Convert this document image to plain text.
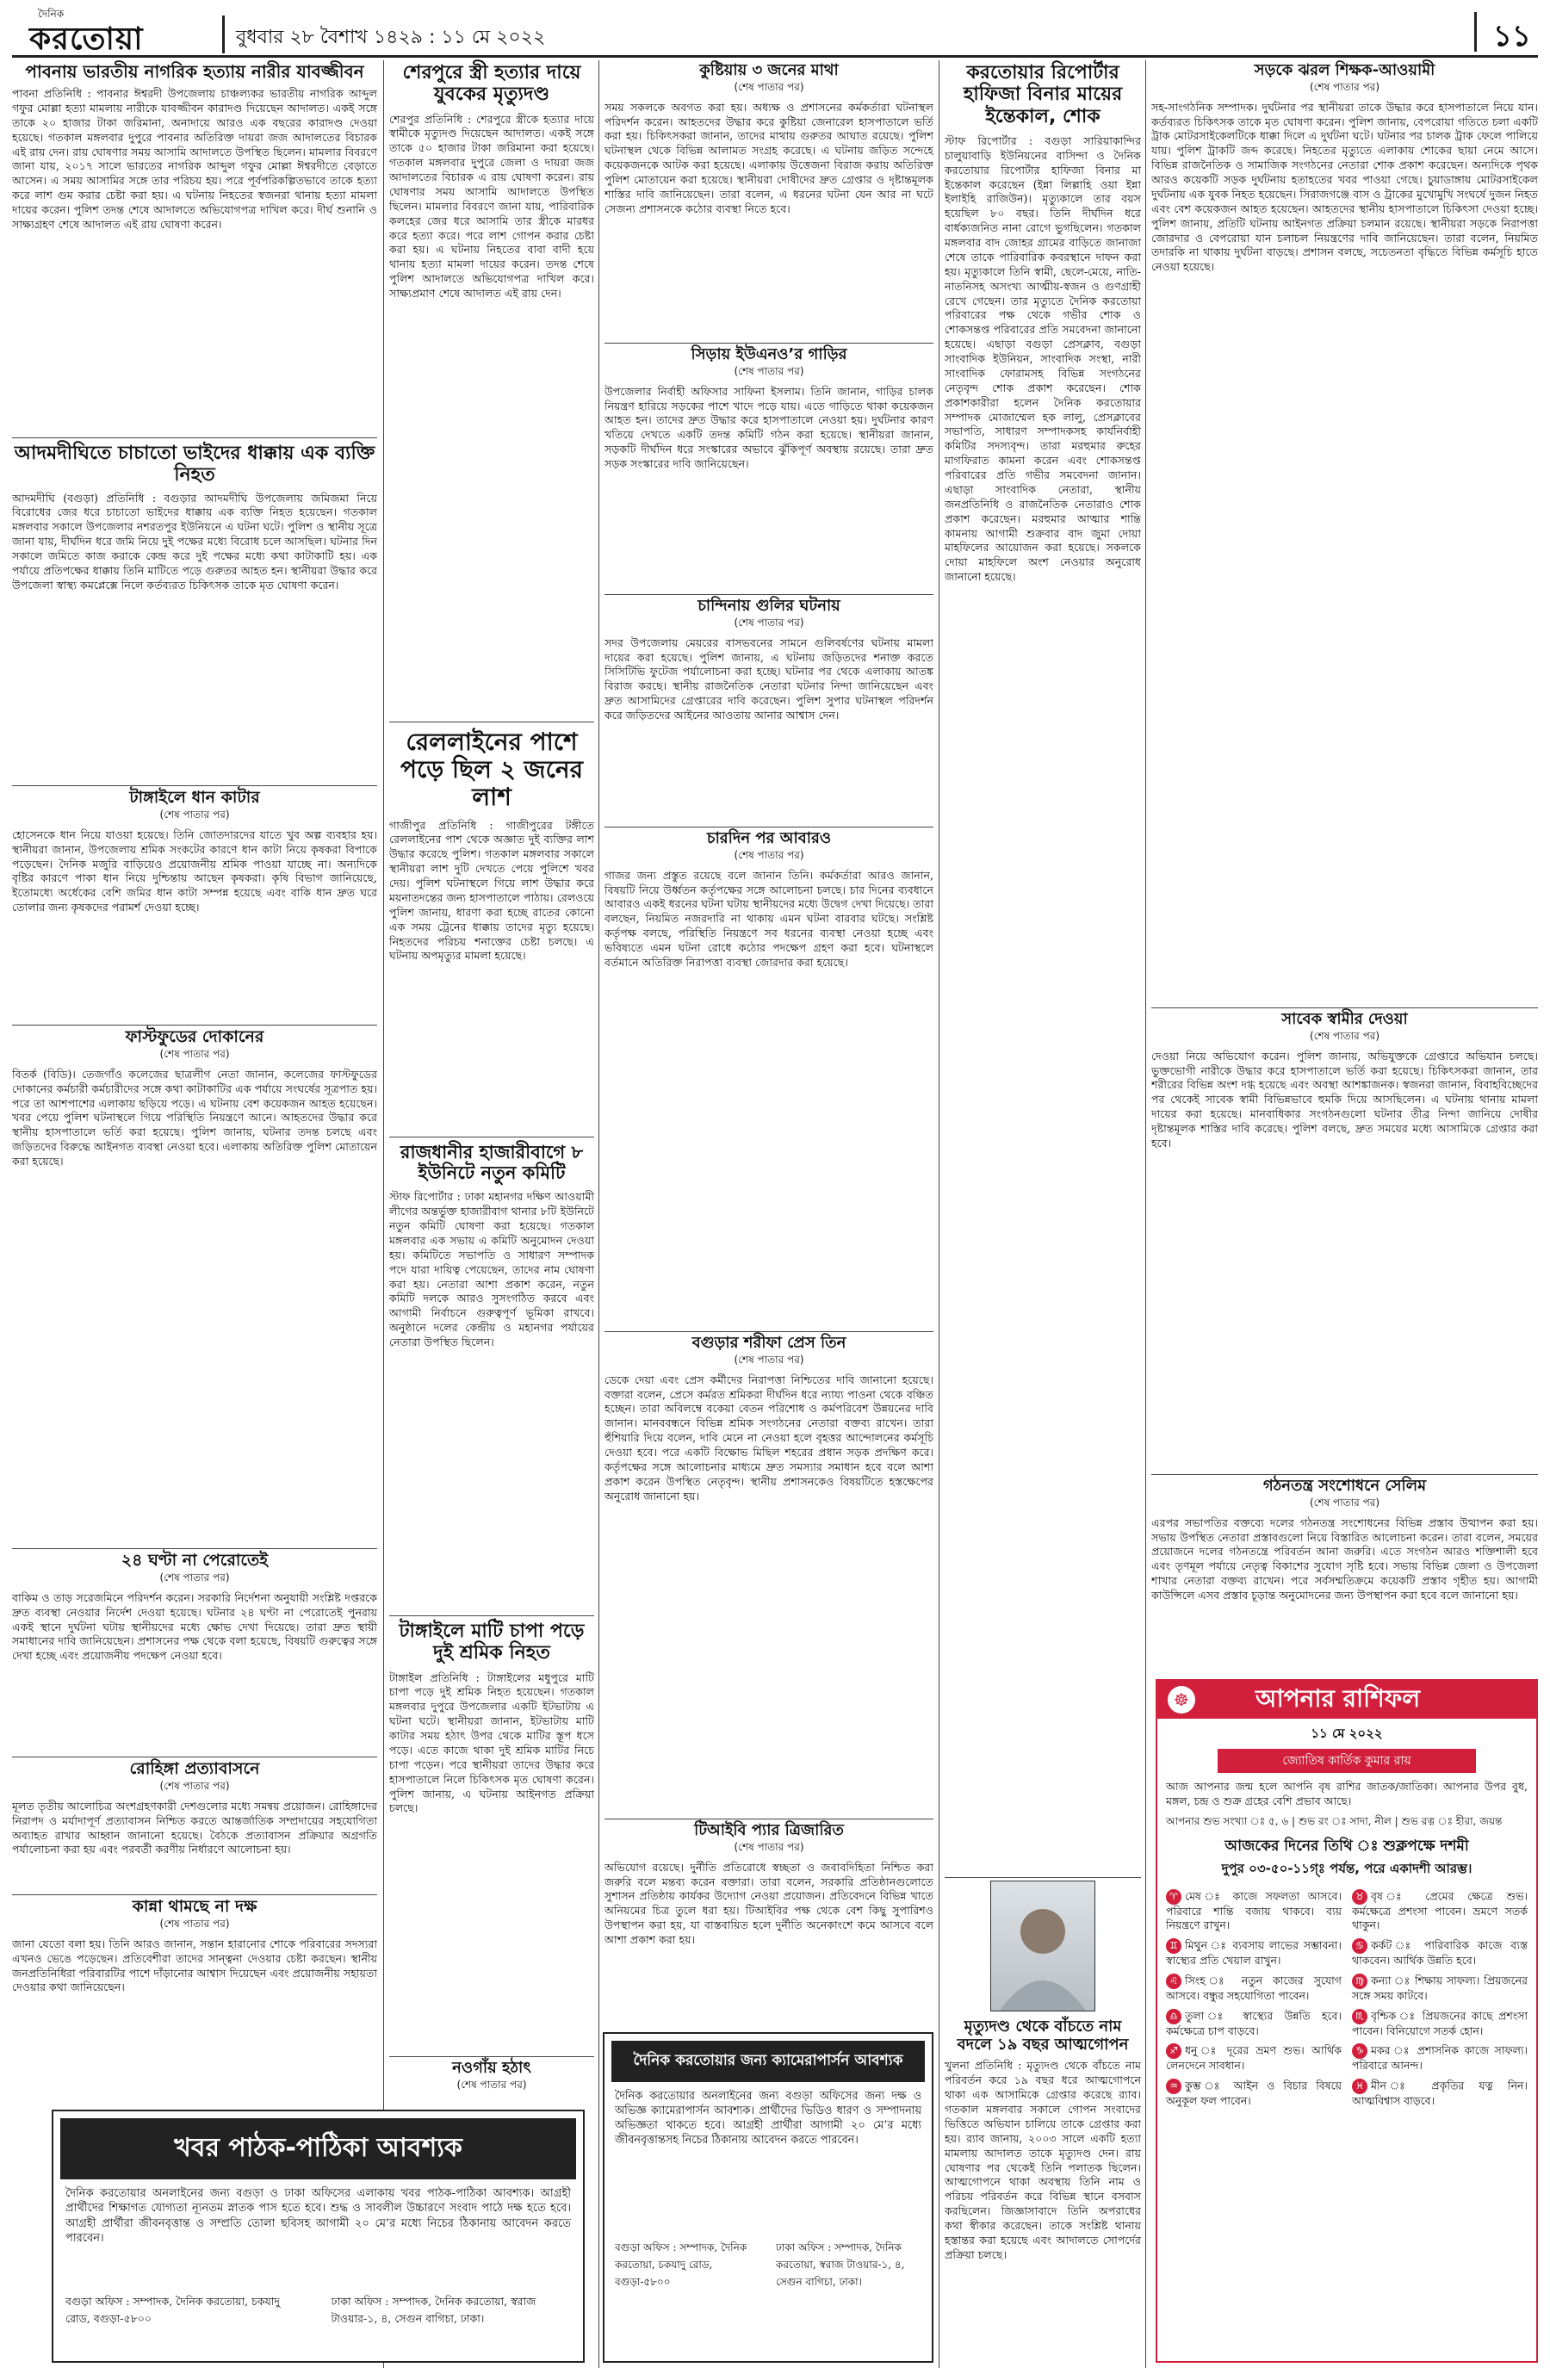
দৈনিক
করতোয়া	বুধবার ২৮ বৈশাখ ১৪২৯ : ১১ মে ২০২২	১১
পাবনায় ভারতীয় নাগরিক হত্যায় নারীর যাবজ্জীবন
পাবনা প্রতিনিধি : পাবনার ঈশ্বরদী উপজেলায় চাঞ্চল্যকর ভারতীয় নাগরিক আব্দুল গফুর মোল্লা হত্যা মামলায় নারীকে যাবজ্জীবন কারাদণ্ড দিয়েছেন আদালত। একই সঙ্গে তাকে ২০ হাজার টাকা জরিমানা, অনাদায়ে আরও এক বছরের কারাদণ্ড দেওয়া হয়েছে। গতকাল মঙ্গলবার দুপুরে পাবনার অতিরিক্ত দায়রা জজ আদালতের বিচারক এই রায় দেন। রায় ঘোষণার সময় আসামি আদালতে উপস্থিত ছিলেন। মামলার বিবরণে জানা যায়, ২০১৭ সালে ভারতের নাগরিক আব্দুল গফুর মোল্লা ঈশ্বরদীতে বেড়াতে আসেন। এ সময় আসামির সঙ্গে তার পরিচয় হয়। পরে পূর্বপরিকল্পিতভাবে তাকে হত্যা করে লাশ গুম করার চেষ্টা করা হয়। এ ঘটনায় নিহতের স্বজনরা থানায় হত্যা মামলা দায়ের করেন। পুলিশ তদন্ত শেষে আদালতে অভিযোগপত্র দাখিল করে। দীর্ঘ শুনানি ও সাক্ষ্যগ্রহণ শেষে আদালত এই রায় ঘোষণা করেন।
আদমদীঘিতে চাচাতো ভাইদের ধাক্কায় এক ব্যক্তি নিহত
আদমদীঘি (বগুড়া) প্রতিনিধি : বগুড়ার আদমদীঘি উপজেলায় জমিজমা নিয়ে বিরোধের জের ধরে চাচাতো ভাইদের ধাক্কায় এক ব্যক্তি নিহত হয়েছেন। গতকাল মঙ্গলবার সকালে উপজেলার নশরতপুর ইউনিয়নে এ ঘটনা ঘটে। পুলিশ ও স্থানীয় সূত্রে জানা যায়, দীর্ঘদিন ধরে জমি নিয়ে দুই পক্ষের মধ্যে বিরোধ চলে আসছিল। ঘটনার দিন সকালে জমিতে কাজ করাকে কেন্দ্র করে দুই পক্ষের মধ্যে কথা কাটাকাটি হয়। এক পর্যায়ে প্রতিপক্ষের ধাক্কায় তিনি মাটিতে পড়ে গুরুতর আহত হন। স্থানীয়রা উদ্ধার করে উপজেলা স্বাস্থ্য কমপ্লেক্সে নিলে কর্তব্যরত চিকিৎসক তাকে মৃত ঘোষণা করেন।
টাঙ্গাইলে ধান কাটার
(শেষ পাতার পর)
হোসেনকে ধান নিয়ে যাওয়া হয়েছে। তিনি জোতদারদের যাতে খুব অল্প ব্যবহার হয়। স্থানীয়রা জানান, উপজেলায় শ্রমিক সংকটের কারণে ধান কাটা নিয়ে কৃষকরা বিপাকে পড়েছেন। দৈনিক মজুরি বাড়িয়েও প্রয়োজনীয় শ্রমিক পাওয়া যাচ্ছে না। অন্যদিকে বৃষ্টির কারণে পাকা ধান নিয়ে দুশ্চিন্তায় আছেন কৃষকরা। কৃষি বিভাগ জানিয়েছে, ইতোমধ্যে অর্ধেকের বেশি জমির ধান কাটা সম্পন্ন হয়েছে এবং বাকি ধান দ্রুত ঘরে তোলার জন্য কৃষকদের পরামর্শ দেওয়া হচ্ছে।
ফাস্টফুডের দোকানের
(শেষ পাতার পর)
বিতর্ক (বিডি)। তেজগাঁও কলেজের ছাত্রলীগ নেতা জানান, কলেজের ফাস্টফুডের দোকানের কর্মচারী কর্মচারীদের সঙ্গে কথা কাটাকাটির এক পর্যায়ে সংঘর্ষের সূত্রপাত হয়। পরে তা আশপাশের এলাকায় ছড়িয়ে পড়ে। এ ঘটনায় বেশ কয়েকজন আহত হয়েছেন। খবর পেয়ে পুলিশ ঘটনাস্থলে গিয়ে পরিস্থিতি নিয়ন্ত্রণে আনে। আহতদের উদ্ধার করে স্থানীয় হাসপাতালে ভর্তি করা হয়েছে। পুলিশ জানায়, ঘটনার তদন্ত চলছে এবং জড়িতদের বিরুদ্ধে আইনগত ব্যবস্থা নেওয়া হবে। এলাকায় অতিরিক্ত পুলিশ মোতায়েন করা হয়েছে।
২৪ ঘণ্টা না পেরোতেই
(শেষ পাতার পর)
বাকিম ও তাড় সরেজমিনে পরিদর্শন করেন। সরকারি নির্দেশনা অনুযায়ী সংশ্লিষ্ট দপ্তরকে দ্রুত ব্যবস্থা নেওয়ার নির্দেশ দেওয়া হয়েছে। ঘটনার ২৪ ঘণ্টা না পেরোতেই পুনরায় একই স্থানে দুর্ঘটনা ঘটায় স্থানীয়দের মধ্যে ক্ষোভ দেখা দিয়েছে। তারা দ্রুত স্থায়ী সমাধানের দাবি জানিয়েছেন। প্রশাসনের পক্ষ থেকে বলা হয়েছে, বিষয়টি গুরুত্বের সঙ্গে দেখা হচ্ছে এবং প্রয়োজনীয় পদক্ষেপ নেওয়া হবে।
রোহিঙ্গা প্রত্যাবাসনে
(শেষ পাতার পর)
মূলত তৃতীয় আলোচিত্র অংশগ্রহণকারী দেশগুলোর মধ্যে সমন্বয় প্রয়োজন। রোহিঙ্গাদের নিরাপদ ও মর্যাদাপূর্ণ প্রত্যাবাসন নিশ্চিত করতে আন্তর্জাতিক সম্প্রদায়ের সহযোগিতা অব্যাহত রাখার আহ্বান জানানো হয়েছে। বৈঠকে প্রত্যাবাসন প্রক্রিয়ার অগ্রগতি পর্যালোচনা করা হয় এবং পরবর্তী করণীয় নির্ধারণে আলোচনা হয়।
কান্না থামছে না দক্ষ
(শেষ পাতার পর)
জানা যেতো বলা হয়। তিনি আরও জানান, সন্তান হারানোর শোকে পরিবারের সদস্যরা এখনও ভেঙে পড়েছেন। প্রতিবেশীরা তাদের সান্ত্বনা দেওয়ার চেষ্টা করছেন। স্থানীয় জনপ্রতিনিধিরা পরিবারটির পাশে দাঁড়ানোর আশ্বাস দিয়েছেন এবং প্রয়োজনীয় সহায়তা দেওয়ার কথা জানিয়েছেন।
খবর পাঠক-পাঠিকা আবশ্যক
দৈনিক করতোয়ার অনলাইনের জন্য বগুড়া ও ঢাকা অফিসের এলাকায় খবর পাঠক-পাঠিকা আবশ্যক। আগ্রহী প্রার্থীদের শিক্ষাগত যোগ্যতা ন্যূনতম স্নাতক পাস হতে হবে। শুদ্ধ ও সাবলীল উচ্চারণে সংবাদ পাঠে দক্ষ হতে হবে। আগ্রহী প্রার্থীরা জীবনবৃত্তান্ত ও সম্প্রতি তোলা ছবিসহ আগামী ২০ মে’র মধ্যে নিচের ঠিকানায় আবেদন করতে পারবেন।
বগুড়া অফিস : সম্পাদক, দৈনিক করতোয়া, চকযাদু রোড, বগুড়া-৫৮০০
ঢাকা অফিস : সম্পাদক, দৈনিক করতোয়া, স্বরাজ টাওয়ার-১, ৪, সেগুন বাগিচা, ঢাকা।
শেরপুরে স্ত্রী হত্যার দায়ে যুবকের মৃত্যুদণ্ড
শেরপুর প্রতিনিধি : শেরপুরে স্ত্রীকে হত্যার দায়ে স্বামীকে মৃত্যুদণ্ড দিয়েছেন আদালত। একই সঙ্গে তাকে ৫০ হাজার টাকা জরিমানা করা হয়েছে। গতকাল মঙ্গলবার দুপুরে জেলা ও দায়রা জজ আদালতের বিচারক এ রায় ঘোষণা করেন। রায় ঘোষণার সময় আসামি আদালতে উপস্থিত ছিলেন। মামলার বিবরণে জানা যায়, পারিবারিক কলহের জের ধরে আসামি তার স্ত্রীকে মারধর করে হত্যা করে। পরে লাশ গোপন করার চেষ্টা করা হয়। এ ঘটনায় নিহতের বাবা বাদী হয়ে থানায় হত্যা মামলা দায়ের করেন। তদন্ত শেষে পুলিশ আদালতে অভিযোগপত্র দাখিল করে। সাক্ষ্যপ্রমাণ শেষে আদালত এই রায় দেন।
রেললাইনের পাশে পড়ে ছিল ২ জনের লাশ
গাজীপুর প্রতিনিধি : গাজীপুরের টঙ্গীতে রেললাইনের পাশ থেকে অজ্ঞাত দুই ব্যক্তির লাশ উদ্ধার করেছে পুলিশ। গতকাল মঙ্গলবার সকালে স্থানীয়রা লাশ দুটি দেখতে পেয়ে পুলিশে খবর দেয়। পুলিশ ঘটনাস্থলে গিয়ে লাশ উদ্ধার করে ময়নাতদন্তের জন্য হাসপাতালে পাঠায়। রেলওয়ে পুলিশ জানায়, ধারণা করা হচ্ছে রাতের কোনো এক সময় ট্রেনের ধাক্কায় তাদের মৃত্যু হয়েছে। নিহতদের পরিচয় শনাক্তের চেষ্টা চলছে। এ ঘটনায় অপমৃত্যুর মামলা হয়েছে।
রাজধানীর হাজারীবাগে ৮ ইউনিটে নতুন কমিটি
স্টাফ রিপোর্টার : ঢাকা মহানগর দক্ষিণ আওয়ামী লীগের অন্তর্ভুক্ত হাজারীবাগ থানার ৮টি ইউনিটে নতুন কমিটি ঘোষণা করা হয়েছে। গতকাল মঙ্গলবার এক সভায় এ কমিটি অনুমোদন দেওয়া হয়। কমিটিতে সভাপতি ও সাধারণ সম্পাদক পদে যারা দায়িত্ব পেয়েছেন, তাদের নাম ঘোষণা করা হয়। নেতারা আশা প্রকাশ করেন, নতুন কমিটি দলকে আরও সুসংগঠিত করবে এবং আগামী নির্বাচনে গুরুত্বপূর্ণ ভূমিকা রাখবে। অনুষ্ঠানে দলের কেন্দ্রীয় ও মহানগর পর্যায়ের নেতারা উপস্থিত ছিলেন।
টাঙ্গাইলে মাটি চাপা পড়ে দুই শ্রমিক নিহত
টাঙ্গাইল প্রতিনিধি : টাঙ্গাইলের মধুপুরে মাটি চাপা পড়ে দুই শ্রমিক নিহত হয়েছেন। গতকাল মঙ্গলবার দুপুরে উপজেলার একটি ইটভাটায় এ ঘটনা ঘটে। স্থানীয়রা জানান, ইটভাটায় মাটি কাটার সময় হঠাৎ উপর থেকে মাটির স্তূপ ধসে পড়ে। এতে কাজে থাকা দুই শ্রমিক মাটির নিচে চাপা পড়েন। পরে স্থানীয়রা তাদের উদ্ধার করে হাসপাতালে নিলে চিকিৎসক মৃত ঘোষণা করেন। পুলিশ জানায়, এ ঘটনায় আইনগত প্রক্রিয়া চলছে।
নওগাঁয় হঠাৎ
(শেষ পাতার পর)
কুষ্টিয়ায় ৩ জনের মাথা
(শেষ পাতার পর)
সময় সকলকে অবগত করা হয়। অধ্যক্ষ ও প্রশাসনের কর্মকর্তারা ঘটনাস্থল পরিদর্শন করেন। আহতদের উদ্ধার করে কুষ্টিয়া জেনারেল হাসপাতালে ভর্তি করা হয়। চিকিৎসকরা জানান, তাদের মাথায় গুরুতর আঘাত রয়েছে। পুলিশ ঘটনাস্থল থেকে বিভিন্ন আলামত সংগ্রহ করেছে। এ ঘটনায় জড়িত সন্দেহে কয়েকজনকে আটক করা হয়েছে। এলাকায় উত্তেজনা বিরাজ করায় অতিরিক্ত পুলিশ মোতায়েন করা হয়েছে। স্থানীয়রা দোষীদের দ্রুত গ্রেপ্তার ও দৃষ্টান্তমূলক শাস্তির দাবি জানিয়েছেন। তারা বলেন, এ ধরনের ঘটনা যেন আর না ঘটে সেজন্য প্রশাসনকে কঠোর ব্যবস্থা নিতে হবে।
সিড়ায় ইউএনও’র গাড়ির
(শেষ পাতার পর)
উপজেলার নির্বাহী অফিসার সাফিনা ইসলাম। তিনি জানান, গাড়ির চালক নিয়ন্ত্রণ হারিয়ে সড়কের পাশে খাদে পড়ে যায়। এতে গাড়িতে থাকা কয়েকজন আহত হন। তাদের দ্রুত উদ্ধার করে হাসপাতালে নেওয়া হয়। দুর্ঘটনার কারণ খতিয়ে দেখতে একটি তদন্ত কমিটি গঠন করা হয়েছে। স্থানীয়রা জানান, সড়কটি দীর্ঘদিন ধরে সংস্কারের অভাবে ঝুঁকিপূর্ণ অবস্থায় রয়েছে। তারা দ্রুত সড়ক সংস্কারের দাবি জানিয়েছেন।
চান্দিনায় গুলির ঘটনায়
(শেষ পাতার পর)
সদর উপজেলায় মেয়রের বাসভবনের সামনে গুলিবর্ষণের ঘটনায় মামলা দায়ের করা হয়েছে। পুলিশ জানায়, এ ঘটনায় জড়িতদের শনাক্ত করতে সিসিটিভি ফুটেজ পর্যালোচনা করা হচ্ছে। ঘটনার পর থেকে এলাকায় আতঙ্ক বিরাজ করছে। স্থানীয় রাজনৈতিক নেতারা ঘটনার নিন্দা জানিয়েছেন এবং দ্রুত আসামিদের গ্রেপ্তারের দাবি করেছেন। পুলিশ সুপার ঘটনাস্থল পরিদর্শন করে জড়িতদের আইনের আওতায় আনার আশ্বাস দেন।
চারদিন পর আবারও
(শেষ পাতার পর)
গাজর জন্য প্রস্তুত রয়েছে বলে জানান তিনি। কর্মকর্তারা আরও জানান, বিষয়টি নিয়ে উর্ধ্বতন কর্তৃপক্ষের সঙ্গে আলোচনা চলছে। চার দিনের ব্যবধানে আবারও একই ধরনের ঘটনা ঘটায় স্থানীয়দের মধ্যে উদ্বেগ দেখা দিয়েছে। তারা বলছেন, নিয়মিত নজরদারি না থাকায় এমন ঘটনা বারবার ঘটছে। সংশ্লিষ্ট কর্তৃপক্ষ বলছে, পরিস্থিতি নিয়ন্ত্রণে সব ধরনের ব্যবস্থা নেওয়া হচ্ছে এবং ভবিষ্যতে এমন ঘটনা রোধে কঠোর পদক্ষেপ গ্রহণ করা হবে। ঘটনাস্থলে বর্তমানে অতিরিক্ত নিরাপত্তা ব্যবস্থা জোরদার করা হয়েছে।
বগুড়ার শরীফা প্রেস তিন
(শেষ পাতার পর)
ডেকে দেয়া এবং প্রেস কর্মীদের নিরাপত্তা নিশ্চিতের দাবি জানানো হয়েছে। বক্তারা বলেন, প্রেসে কর্মরত শ্রমিকরা দীর্ঘদিন ধরে ন্যায্য পাওনা থেকে বঞ্চিত হচ্ছেন। তারা অবিলম্বে বকেয়া বেতন পরিশোধ ও কর্মপরিবেশ উন্নয়নের দাবি জানান। মানববন্ধনে বিভিন্ন শ্রমিক সংগঠনের নেতারা বক্তব্য রাখেন। তারা হুঁশিয়ারি দিয়ে বলেন, দাবি মেনে না নেওয়া হলে বৃহত্তর আন্দোলনের কর্মসূচি দেওয়া হবে। পরে একটি বিক্ষোভ মিছিল শহরের প্রধান সড়ক প্রদক্ষিণ করে। কর্তৃপক্ষের সঙ্গে আলোচনার মাধ্যমে দ্রুত সমস্যার সমাধান হবে বলে আশা প্রকাশ করেন উপস্থিত নেতৃবৃন্দ। স্থানীয় প্রশাসনকেও বিষয়টিতে হস্তক্ষেপের অনুরোধ জানানো হয়।
টিআইবি প্যার ত্রিজারিত
(শেষ পাতার পর)
অভিযোগ রয়েছে। দুর্নীতি প্রতিরোধে স্বচ্ছতা ও জবাবদিহিতা নিশ্চিত করা জরুরি বলে মন্তব্য করেন বক্তারা। তারা বলেন, সরকারি প্রতিষ্ঠানগুলোতে সুশাসন প্রতিষ্ঠায় কার্যকর উদ্যোগ নেওয়া প্রয়োজন। প্রতিবেদনে বিভিন্ন খাতে অনিয়মের চিত্র তুলে ধরা হয়। টিআইবির পক্ষ থেকে বেশ কিছু সুপারিশও উপস্থাপন করা হয়, যা বাস্তবায়িত হলে দুর্নীতি অনেকাংশে কমে আসবে বলে আশা প্রকাশ করা হয়।
দৈনিক করতোয়ার জন্য ক্যামেরাপার্সন আবশ্যক
দৈনিক করতোয়ার অনলাইনের জন্য বগুড়া অফিসের জন্য দক্ষ ও অভিজ্ঞ ক্যামেরাপার্সন আবশ্যক। প্রার্থীদের ভিডিও ধারণ ও সম্পাদনায় অভিজ্ঞতা থাকতে হবে। আগ্রহী প্রার্থীরা আগামী ২০ মে’র মধ্যে জীবনবৃত্তান্তসহ নিচের ঠিকানায় আবেদন করতে পারবেন।
বগুড়া অফিস : সম্পাদক, দৈনিক করতোয়া, চকযাদু রোড, বগুড়া-৫৮০০
ঢাকা অফিস : সম্পাদক, দৈনিক করতোয়া, স্বরাজ টাওয়ার-১, ৪, সেগুন বাগিচা, ঢাকা।
করতোয়ার রিপোর্টার হাফিজা বিনার মায়ের ইন্তেকাল, শোক
স্টাফ রিপোর্টার : বগুড়া সারিয়াকান্দির চালুয়াবাড়ি ইউনিয়নের বাসিন্দা ও দৈনিক করতোয়ার রিপোর্টার হাফিজা বিনার মা ইন্তেকাল করেছেন (ইন্না লিল্লাহি ওয়া ইন্না ইলাইহি রাজিউন)। মৃত্যুকালে তার বয়স হয়েছিল ৮০ বছর। তিনি দীর্ঘদিন ধরে বার্ধক্যজনিত নানা রোগে ভুগছিলেন। গতকাল মঙ্গলবার বাদ জোহর গ্রামের বাড়িতে জানাজা শেষে তাকে পারিবারিক কবরস্থানে দাফন করা হয়। মৃত্যুকালে তিনি স্বামী, ছেলে-মেয়ে, নাতি-নাতনিসহ অসংখ্য আত্মীয়-স্বজন ও গুণগ্রাহী রেখে গেছেন। তার মৃত্যুতে দৈনিক করতোয়া পরিবারের পক্ষ থেকে গভীর শোক ও শোকসন্তপ্ত পরিবারের প্রতি সমবেদনা জানানো হয়েছে। এছাড়া বগুড়া প্রেসক্লাব, বগুড়া সাংবাদিক ইউনিয়ন, সাংবাদিক সংস্থা, নারী সাংবাদিক ফোরামসহ বিভিন্ন সংগঠনের নেতৃবৃন্দ শোক প্রকাশ করেছেন। শোক প্রকাশকারীরা হলেন দৈনিক করতোয়ার সম্পাদক মোজাম্মেল হক লালু, প্রেসক্লাবের সভাপতি, সাধারণ সম্পাদকসহ কার্যনির্বাহী কমিটির সদস্যবৃন্দ। তারা মরহুমার রুহের মাগফিরাত কামনা করেন এবং শোকসন্তপ্ত পরিবারের প্রতি গভীর সমবেদনা জানান। এছাড়া সাংবাদিক নেতারা, স্থানীয় জনপ্রতিনিধি ও রাজনৈতিক নেতারাও শোক প্রকাশ করেছেন। মরহুমার আত্মার শান্তি কামনায় আগামী শুক্রবার বাদ জুমা দোয়া মাহফিলের আয়োজন করা হয়েছে। সকলকে দোয়া মাহফিলে অংশ নেওয়ার অনুরোধ জানানো হয়েছে।
মৃত্যুদণ্ড থেকে বাঁচতে নাম বদলে ১৯ বছর আত্মগোপন
খুলনা প্রতিনিধি : মৃত্যুদণ্ড থেকে বাঁচতে নাম পরিবর্তন করে ১৯ বছর ধরে আত্মগোপনে থাকা এক আসামিকে গ্রেপ্তার করেছে র‍্যাব। গতকাল মঙ্গলবার সকালে গোপন সংবাদের ভিত্তিতে অভিযান চালিয়ে তাকে গ্রেপ্তার করা হয়। র‍্যাব জানায়, ২০০৩ সালে একটি হত্যা মামলায় আদালত তাকে মৃত্যুদণ্ড দেন। রায় ঘোষণার পর থেকেই তিনি পলাতক ছিলেন। আত্মগোপনে থাকা অবস্থায় তিনি নাম ও পরিচয় পরিবর্তন করে বিভিন্ন স্থানে বসবাস করছিলেন। জিজ্ঞাসাবাদে তিনি অপরাধের কথা স্বীকার করেছেন। তাকে সংশ্লিষ্ট থানায় হস্তান্তর করা হয়েছে এবং আদালতে সোপর্দের প্রক্রিয়া চলছে।
সড়কে ঝরল শিক্ষক-আওয়ামী
(শেষ পাতার পর)
সহ-সাংগঠনিক সম্পাদক। দুর্ঘটনার পর স্থানীয়রা তাকে উদ্ধার করে হাসপাতালে নিয়ে যান। কর্তব্যরত চিকিৎসক তাকে মৃত ঘোষণা করেন। পুলিশ জানায়, বেপরোয়া গতিতে চলা একটি ট্রাক মোটরসাইকেলটিকে ধাক্কা দিলে এ দুর্ঘটনা ঘটে। ঘটনার পর চালক ট্রাক ফেলে পালিয়ে যায়। পুলিশ ট্রাকটি জব্দ করেছে। নিহতের মৃত্যুতে এলাকায় শোকের ছায়া নেমে আসে। বিভিন্ন রাজনৈতিক ও সামাজিক সংগঠনের নেতারা শোক প্রকাশ করেছেন। অন্যদিকে পৃথক আরও কয়েকটি সড়ক দুর্ঘটনায় হতাহতের খবর পাওয়া গেছে। চুয়াডাঙ্গায় মোটরসাইকেল দুর্ঘটনায় এক যুবক নিহত হয়েছেন। সিরাজগঞ্জে বাস ও ট্রাকের মুখোমুখি সংঘর্ষে দুজন নিহত এবং বেশ কয়েকজন আহত হয়েছেন। আহতদের স্থানীয় হাসপাতালে চিকিৎসা দেওয়া হচ্ছে। পুলিশ জানায়, প্রতিটি ঘটনায় আইনগত প্রক্রিয়া চলমান রয়েছে। স্থানীয়রা সড়কে নিরাপত্তা জোরদার ও বেপরোয়া যান চলাচল নিয়ন্ত্রণের দাবি জানিয়েছেন। তারা বলেন, নিয়মিত তদারকি না থাকায় দুর্ঘটনা বাড়ছে। প্রশাসন বলছে, সচেতনতা বৃদ্ধিতে বিভিন্ন কর্মসূচি হাতে নেওয়া হয়েছে।
সাবেক স্বামীর দেওয়া
(শেষ পাতার পর)
দেওয়া নিয়ে অভিযোগ করেন। পুলিশ জানায়, অভিযুক্তকে গ্রেপ্তারে অভিযান চলছে। ভুক্তভোগী নারীকে উদ্ধার করে হাসপাতালে ভর্তি করা হয়েছে। চিকিৎসকরা জানান, তার শরীরের বিভিন্ন অংশ দগ্ধ হয়েছে এবং অবস্থা আশঙ্কাজনক। স্বজনরা জানান, বিবাহবিচ্ছেদের পর থেকেই সাবেক স্বামী বিভিন্নভাবে হুমকি দিয়ে আসছিলেন। এ ঘটনায় থানায় মামলা দায়ের করা হয়েছে। মানবাধিকার সংগঠনগুলো ঘটনার তীব্র নিন্দা জানিয়ে দোষীর দৃষ্টান্তমূলক শাস্তির দাবি করেছে। পুলিশ বলছে, দ্রুত সময়ের মধ্যে আসামিকে গ্রেপ্তার করা হবে।
গঠনতন্ত্র সংশোধনে সেলিম
(শেষ পাতার পর)
এরপর সভাপতির বক্তব্যে দলের গঠনতন্ত্র সংশোধনের বিভিন্ন প্রস্তাব উত্থাপন করা হয়। সভায় উপস্থিত নেতারা প্রস্তাবগুলো নিয়ে বিস্তারিত আলোচনা করেন। তারা বলেন, সময়ের প্রয়োজনে দলের গঠনতন্ত্রে পরিবর্তন আনা জরুরি। এতে সংগঠন আরও শক্তিশালী হবে এবং তৃণমূল পর্যায়ে নেতৃত্ব বিকাশের সুযোগ সৃষ্টি হবে। সভায় বিভিন্ন জেলা ও উপজেলা শাখার নেতারা বক্তব্য রাখেন। পরে সর্বসম্মতিক্রমে কয়েকটি প্রস্তাব গৃহীত হয়। আগামী কাউন্সিলে এসব প্রস্তাব চূড়ান্ত অনুমোদনের জন্য উপস্থাপন করা হবে বলে জানানো হয়।
☸	আপনার রাশিফল
১১ মে ২০২২
জ্যোতিষ কার্তিক কুমার রায়
আজ আপনার জন্ম হলে আপনি বৃষ রাশির জাতক/জাতিকা। আপনার উপর বুধ, মঙ্গল, চন্দ্র ও শুক্র গ্রহের বেশি প্রভাব আছে।
আপনার শুভ সংখ্যা ঃ ৫, ৬ | শুভ রং ঃ সাদা, নীল | শুভ রত্ন ঃ হীরা, জয়ন্ত
আজকের দিনের তিথি ঃ শুক্লপক্ষে দশমী
দুপুর ০৩-৫০-১১গ্ঃ পর্যন্ত, পরে একাদশী আরম্ভ।
♈ মেষ ঃ কাজে সফলতা আসবে। পরিবারে শান্তি বজায় থাকবে। ব্যয় নিয়ন্ত্রণে রাখুন।
♉ বৃষ ঃ প্রেমের ক্ষেত্রে শুভ। কর্মক্ষেত্রে প্রশংসা পাবেন। ভ্রমণে সতর্ক থাকুন।
♊ মিথুন ঃ ব্যবসায় লাভের সম্ভাবনা। স্বাস্থ্যের প্রতি খেয়াল রাখুন।
♋ কর্কট ঃ পারিবারিক কাজে ব্যস্ত থাকবেন। আর্থিক উন্নতি হবে।
♌ সিংহ ঃ নতুন কাজের সুযোগ আসবে। বন্ধুর সহযোগিতা পাবেন।
♍ কন্যা ঃ শিক্ষায় সাফল্য। প্রিয়জনের সঙ্গে সময় কাটবে।
♎ তুলা ঃ স্বাস্থ্যের উন্নতি হবে। কর্মক্ষেত্রে চাপ বাড়বে।
♏ বৃশ্চিক ঃ প্রিয়জনের কাছে প্রশংসা পাবেন। বিনিয়োগে সতর্ক হোন।
♐ ধনু ঃ দূরের ভ্রমণ শুভ। আর্থিক লেনদেনে সাবধান।
♑ মকর ঃ প্রশাসনিক কাজে সাফল্য। পরিবারে আনন্দ।
♒ কুম্ভ ঃ আইন ও বিচার বিষয়ে অনুকূল ফল পাবেন।
♓ মীন ঃ প্রকৃতির যত্ন নিন। আত্মবিশ্বাস বাড়বে।
